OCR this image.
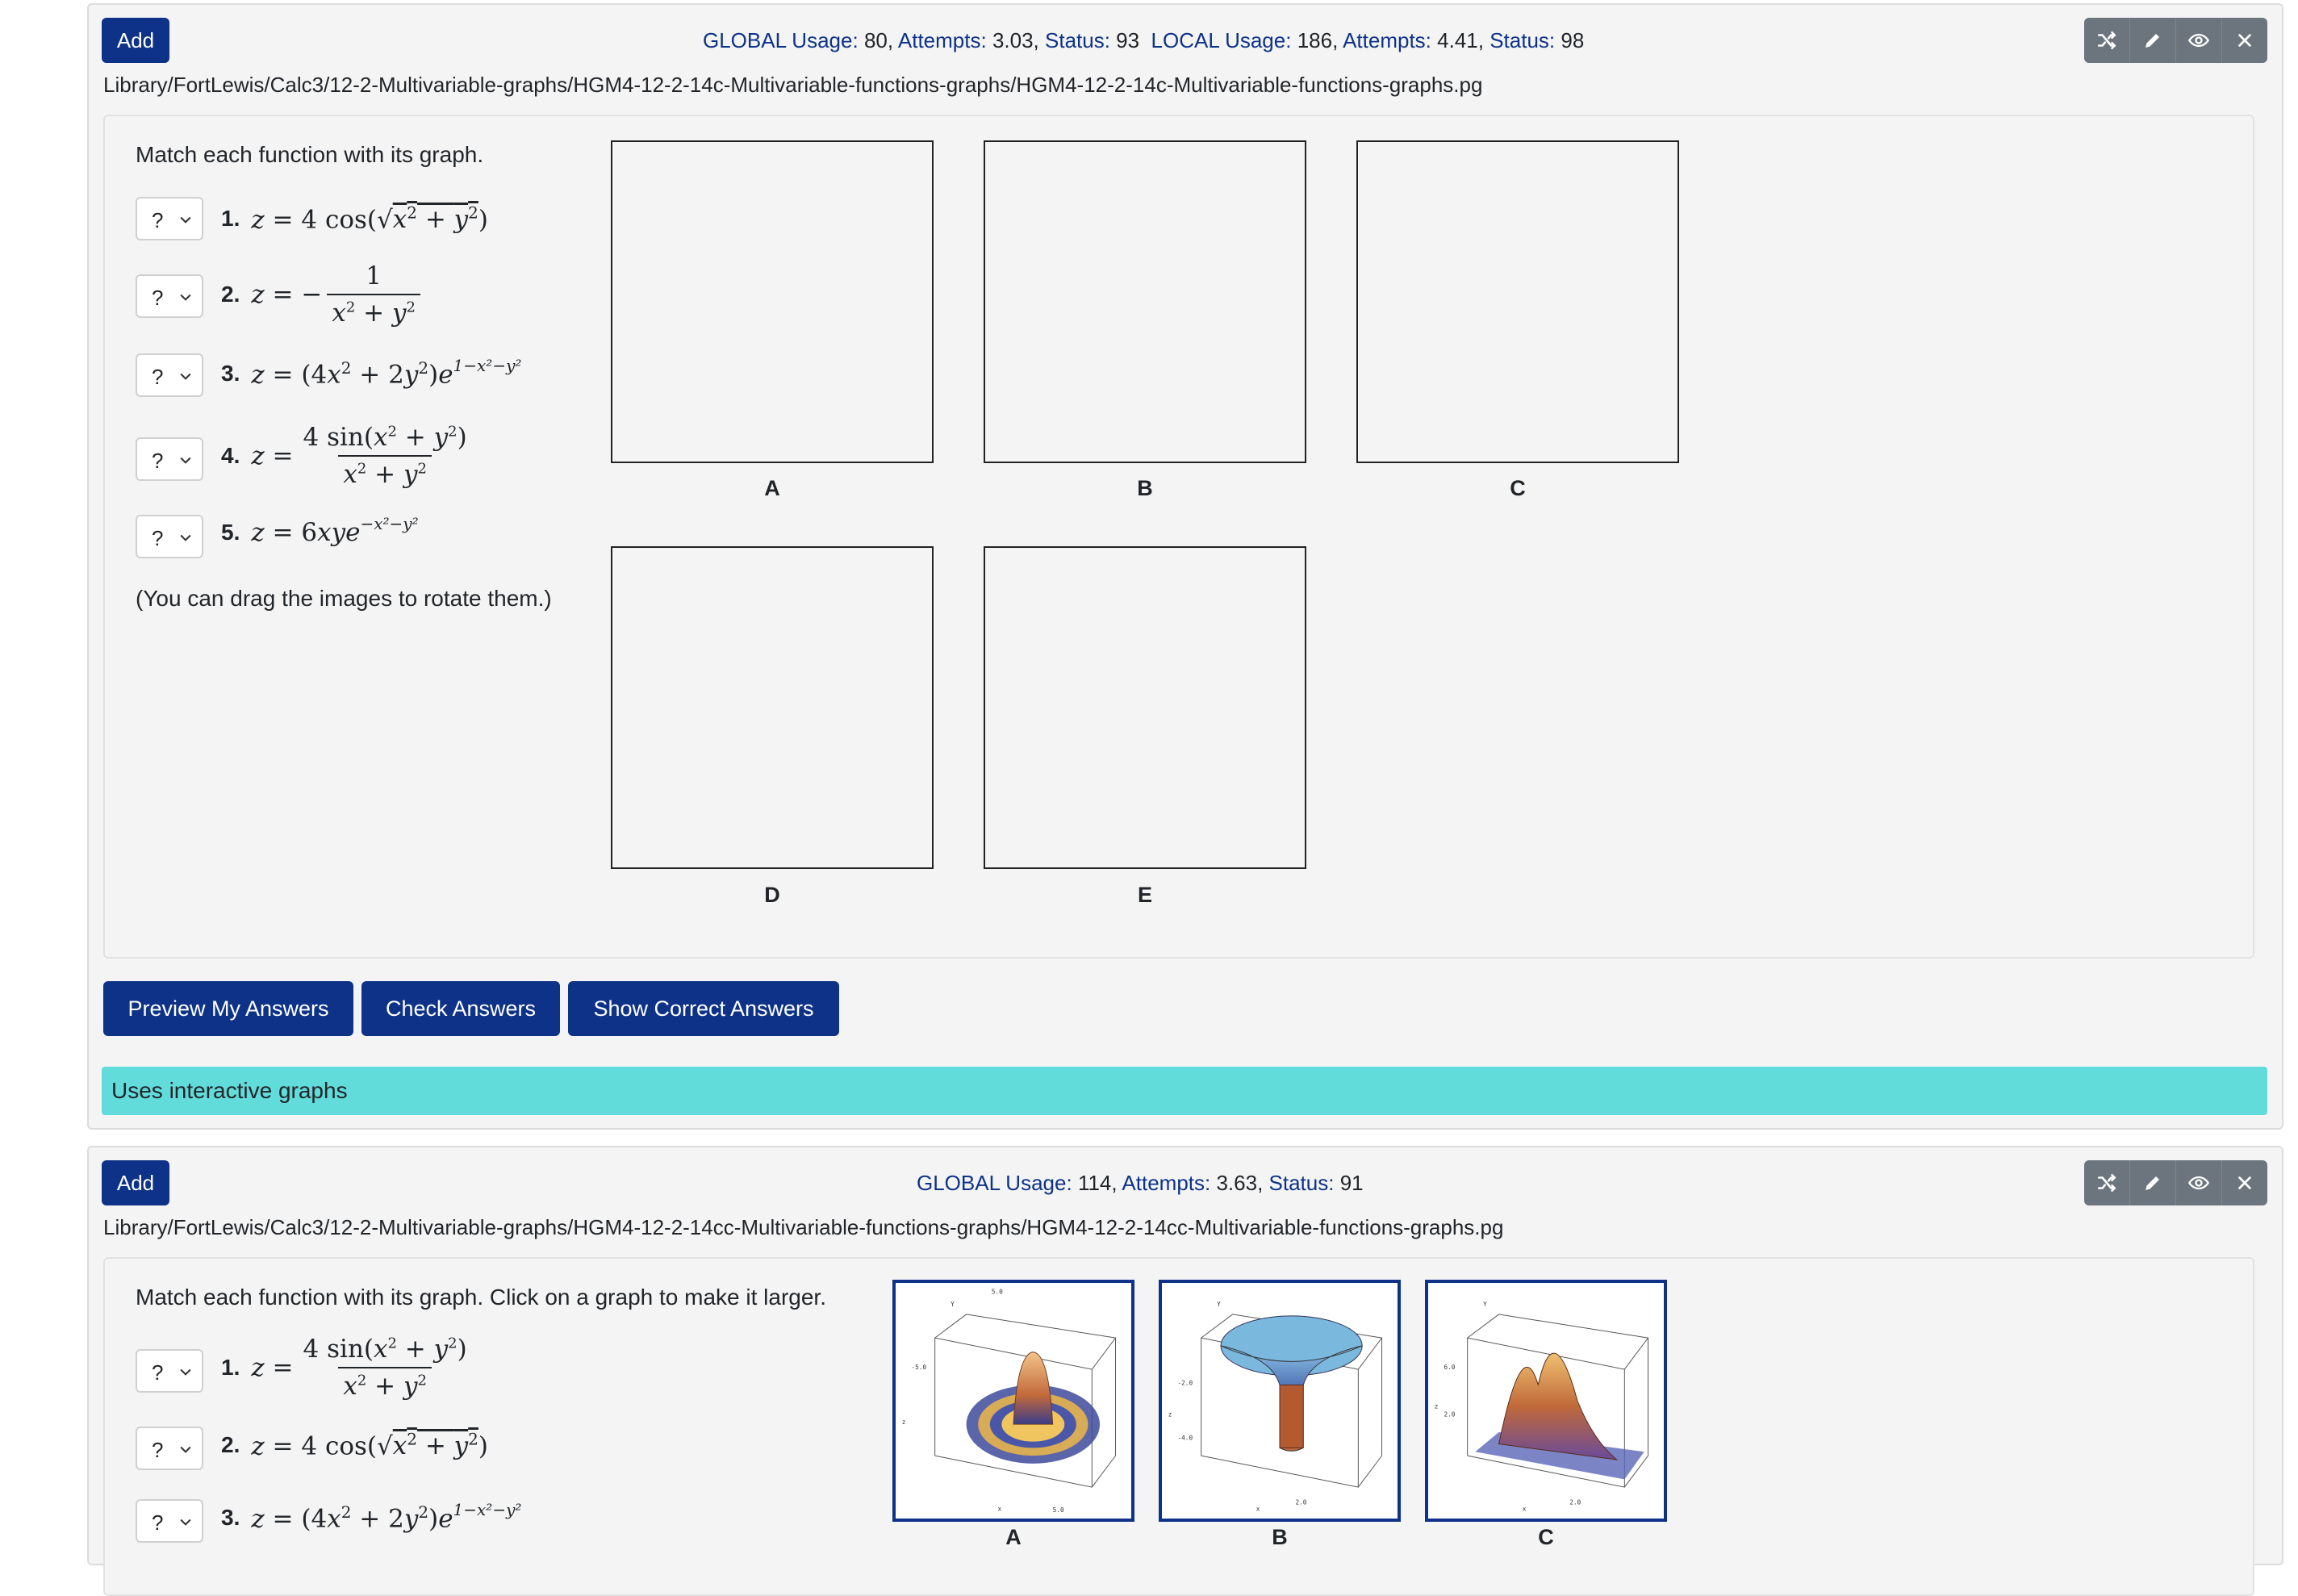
Add	GLOBAL Usage: 80, Attempts: 3.03, Status: 93 LOCAL Usage: 186, Attempts: 4.41, Status: 98
Library/FortLewis/Calc3/12-2-Multivariable-graphs/HGM4-12-2-14c-Multivariable-functions-graphs/HGM4-12-2-14c-Multivariable-functions-graphs.pg
Match each function with its graph.
?	1. z = 4 $\cos(√x^2 + y^2)$
?	2. z = − $\frac{1}{x^2 + y^2}$
?	3. $z = (4x^2 + 2y^2)e^{1-x^2-y^2}$
?	4. $z = \frac{4 \sin(x^2 + y^2)}{x^2 + y^2}$
?	5. z = 6xye$^{-x^2-y^2}$
(You can drag the images to rotate them.)
A	B	C
D	E
Preview My Answers	Check Answers	Show Correct Answers
Uses interactive graphs
Add	GLOBAL Usage: 114, Attempts: 3.63, Status: 91
Library/FortLewis/Calc3/12-2-Multivariable-graphs/HGM4-12-2-14cc-Multivariable-functions-graphs/HGM4-12-2-14cc-Multivariable-functions-graphs.pg
Match each function with its graph. Click on a graph to make it larger.
?	1. $z = \frac{4 \sin(x^2 + y^2)}{x^2 + y^2}$
?	2. z = 4 $\cos(√x^2 + y^2)$
?	3. $z = (4x^2 + 2y^2)e^{1-x^2-y^2}$
Y
5.0
-5.0
z
x	5.0
A
Y
-2.0
-4.0
z
x
2.0
B
Y
6.0
2.0
z
x
2.0
C
